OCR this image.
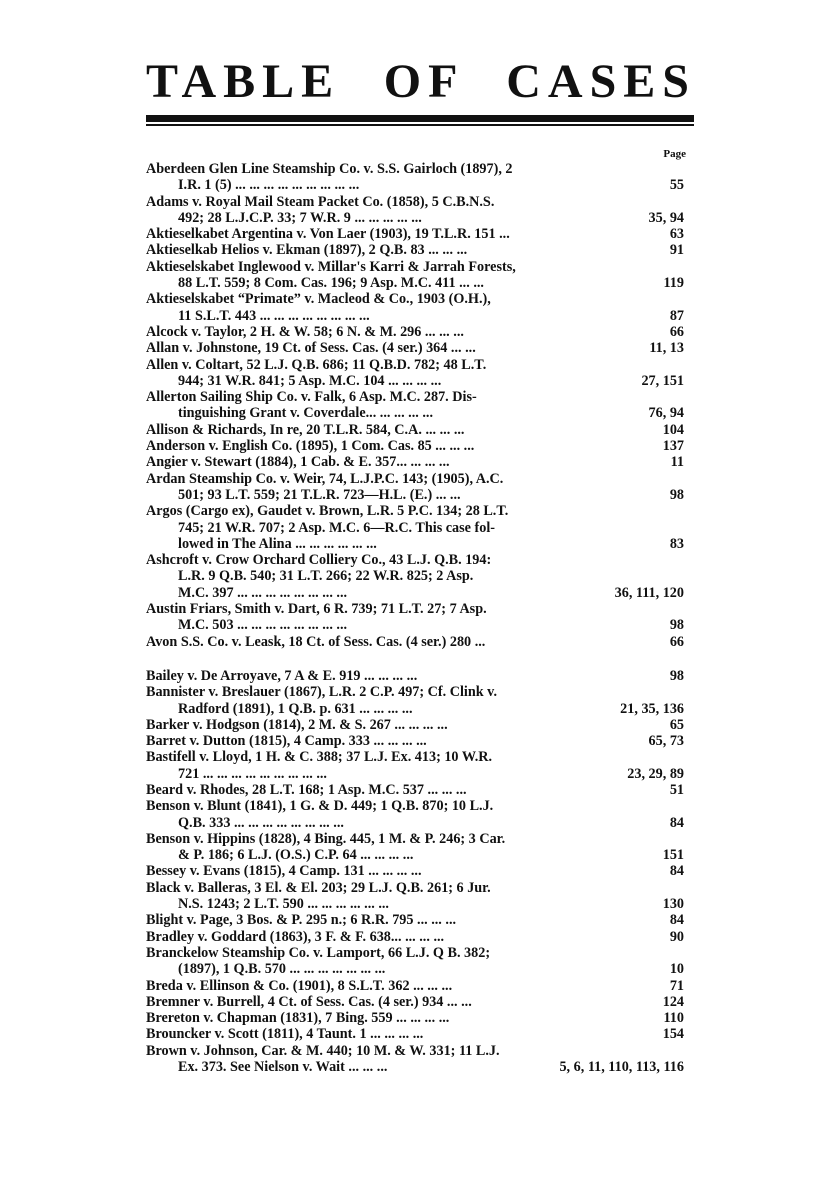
TABLE OF CASES
Page
Aberdeen Glen Line Steamship Co. v. S.S. Gairloch (1897), 2
I.R. 1 (5) ... ... ... ... ... ... ... ... ...	55
Adams v. Royal Mail Steam Packet Co. (1858), 5 C.B.N.S.
492; 28 L.J.C.P. 33; 7 W.R. 9 ... ... ... ... ...	35, 94
Aktieselkabet Argentina v. Von Laer (1903), 19 T.L.R. 151 ...	63
Aktieselkab Helios v. Ekman (1897), 2 Q.B. 83 ... ... ...	91
Aktieselskabet Inglewood v. Millar's Karri & Jarrah Forests,
88 L.T. 559; 8 Com. Cas. 196; 9 Asp. M.C. 411 ... ...	119
Aktieselskabet “Primate” v. Macleod & Co., 1903 (O.H.),
11 S.L.T. 443 ... ... ... ... ... ... ... ...	87
Alcock v. Taylor, 2 H. & W. 58; 6 N. & M. 296 ... ... ...	66
Allan v. Johnstone, 19 Ct. of Sess. Cas. (4 ser.) 364 ... ...	11, 13
Allen v. Coltart, 52 L.J. Q.B. 686; 11 Q.B.D. 782; 48 L.T.
944; 31 W.R. 841; 5 Asp. M.C. 104 ... ... ... ...	27, 151
Allerton Sailing Ship Co. v. Falk, 6 Asp. M.C. 287. Dis-
tinguishing Grant v. Coverdale... ... ... ... ...	76, 94
Allison & Richards, In re, 20 T.L.R. 584, C.A. ... ... ...	104
Anderson v. English Co. (1895), 1 Com. Cas. 85 ... ... ...	137
Angier v. Stewart (1884), 1 Cab. & E. 357... ... ... ...	11
Ardan Steamship Co. v. Weir, 74, L.J.P.C. 143; (1905), A.C.
501; 93 L.T. 559; 21 T.L.R. 723—H.L. (E.) ... ...	98
Argos (Cargo ex), Gaudet v. Brown, L.R. 5 P.C. 134; 28 L.T.
745; 21 W.R. 707; 2 Asp. M.C. 6—R.C. This case fol-
lowed in The Alina ... ... ... ... ... ...	83
Ashcroft v. Crow Orchard Colliery Co., 43 L.J. Q.B. 194:
L.R. 9 Q.B. 540; 31 L.T. 266; 22 W.R. 825; 2 Asp.
M.C. 397 ... ... ... ... ... ... ... ...	36, 111, 120
Austin Friars, Smith v. Dart, 6 R. 739; 71 L.T. 27; 7 Asp.
M.C. 503 ... ... ... ... ... ... ... ...	98
Avon S.S. Co. v. Leask, 18 Ct. of Sess. Cas. (4 ser.) 280 ...	66
Bailey v. De Arroyave, 7 A & E. 919 ... ... ... ...	98
Bannister v. Breslauer (1867), L.R. 2 C.P. 497; Cf. Clink v.
Radford (1891), 1 Q.B. p. 631 ... ... ... ...	21, 35, 136
Barker v. Hodgson (1814), 2 M. & S. 267 ... ... ... ...	65
Barret v. Dutton (1815), 4 Camp. 333 ... ... ... ...	65, 73
Bastifell v. Lloyd, 1 H. & C. 388; 37 L.J. Ex. 413; 10 W.R.
721 ... ... ... ... ... ... ... ... ...	23, 29, 89
Beard v. Rhodes, 28 L.T. 168; 1 Asp. M.C. 537 ... ... ...	51
Benson v. Blunt (1841), 1 G. & D. 449; 1 Q.B. 870; 10 L.J.
Q.B. 333 ... ... ... ... ... ... ... ...	84
Benson v. Hippins (1828), 4 Bing. 445, 1 M. & P. 246; 3 Car.
& P. 186; 6 L.J. (O.S.) C.P. 64 ... ... ... ...	151
Bessey v. Evans (1815), 4 Camp. 131 ... ... ... ...	84
Black v. Balleras, 3 El. & El. 203; 29 L.J. Q.B. 261; 6 Jur.
N.S. 1243; 2 L.T. 590 ... ... ... ... ... ...	130
Blight v. Page, 3 Bos. & P. 295 n.; 6 R.R. 795 ... ... ...	84
Bradley v. Goddard (1863), 3 F. & F. 638... ... ... ...	90
Branckelow Steamship Co. v. Lamport, 66 L.J. Q B. 382;
(1897), 1 Q.B. 570 ... ... ... ... ... ... ...	10
Breda v. Ellinson & Co. (1901), 8 S.L.T. 362 ... ... ...	71
Bremner v. Burrell, 4 Ct. of Sess. Cas. (4 ser.) 934 ... ...	124
Brereton v. Chapman (1831), 7 Bing. 559 ... ... ... ...	110
Brouncker v. Scott (1811), 4 Taunt. 1 ... ... ... ...	154
Brown v. Johnson, Car. & M. 440; 10 M. & W. 331; 11 L.J.
Ex. 373. See Nielson v. Wait ... ... ...	5, 6, 11, 110, 113, 116
